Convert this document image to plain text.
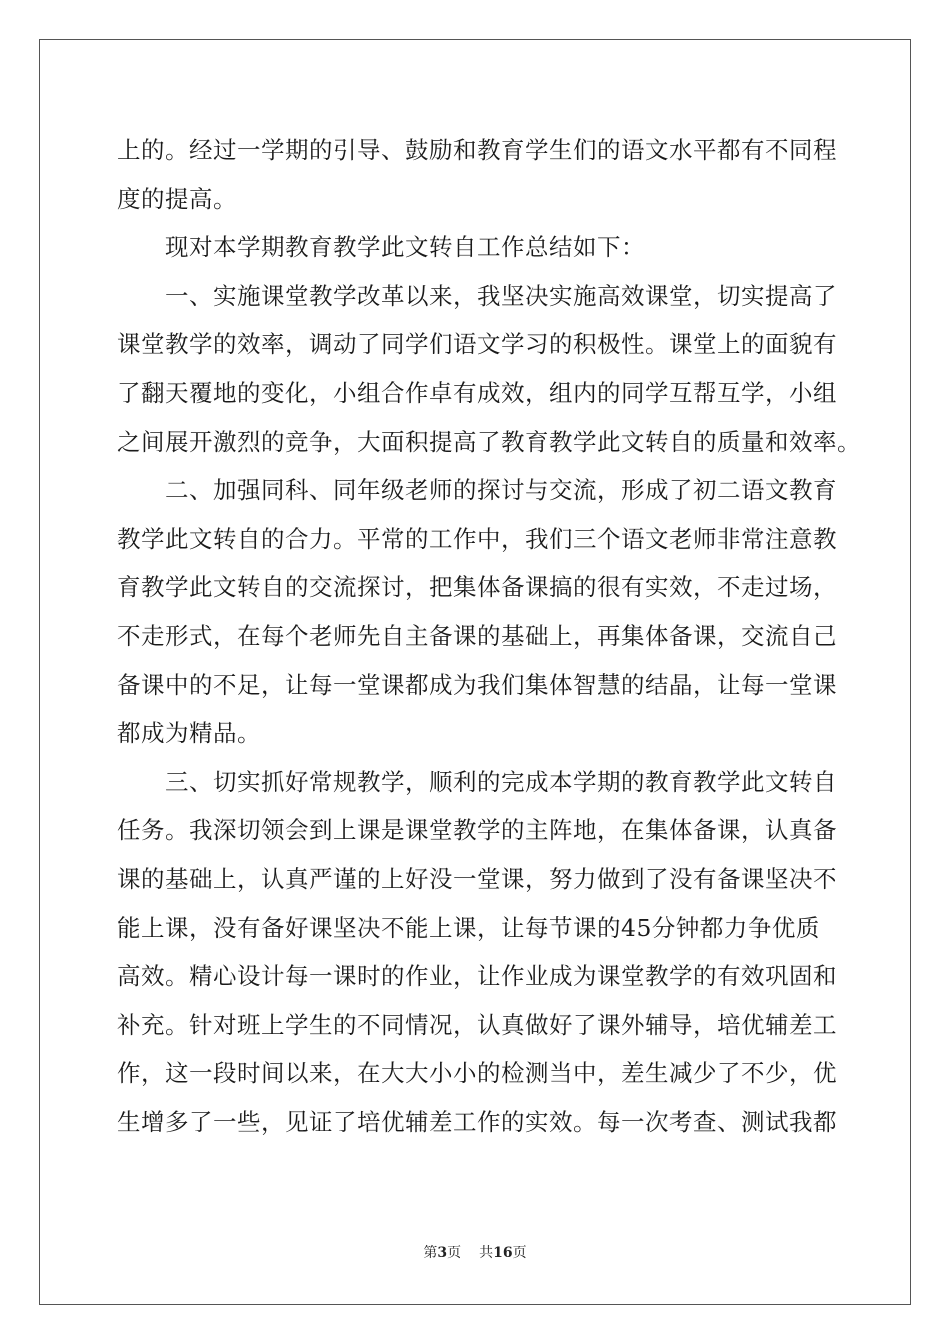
上的。经过一学期的引导、鼓励和教育学生们的语文水平都有不同程
度的提高。
现对本学期教育教学此文转自工作总结如下：
一、实施课堂教学改革以来，我坚决实施高效课堂，切实提高了
课堂教学的效率，调动了同学们语文学习的积极性。课堂上的面貌有
了翻天覆地的变化，小组合作卓有成效，组内的同学互帮互学，小组
之间展开激烈的竞争，大面积提高了教育教学此文转自的质量和效率。
二、加强同科、同年级老师的探讨与交流，形成了初二语文教育
教学此文转自的合力。平常的工作中，我们三个语文老师非常注意教
育教学此文转自的交流探讨，把集体备课搞的很有实效，不走过场，
不走形式，在每个老师先自主备课的基础上，再集体备课，交流自己
备课中的不足，让每一堂课都成为我们集体智慧的结晶，让每一堂课
都成为精品。
三、切实抓好常规教学，顺利的完成本学期的教育教学此文转自
任务。我深切领会到上课是课堂教学的主阵地，在集体备课，认真备
课的基础上，认真严谨的上好没一堂课，努力做到了没有备课坚决不
能上课，没有备好课坚决不能上课，让每节课的45分钟都力争优质
高效。精心设计每一课时的作业，让作业成为课堂教学的有效巩固和
补充。针对班上学生的不同情况，认真做好了课外辅导，培优辅差工
作，这一段时间以来，在大大小小的检测当中，差生减少了不少，优
生增多了一些，见证了培优辅差工作的实效。每一次考查、测试我都
第3页 共16页
